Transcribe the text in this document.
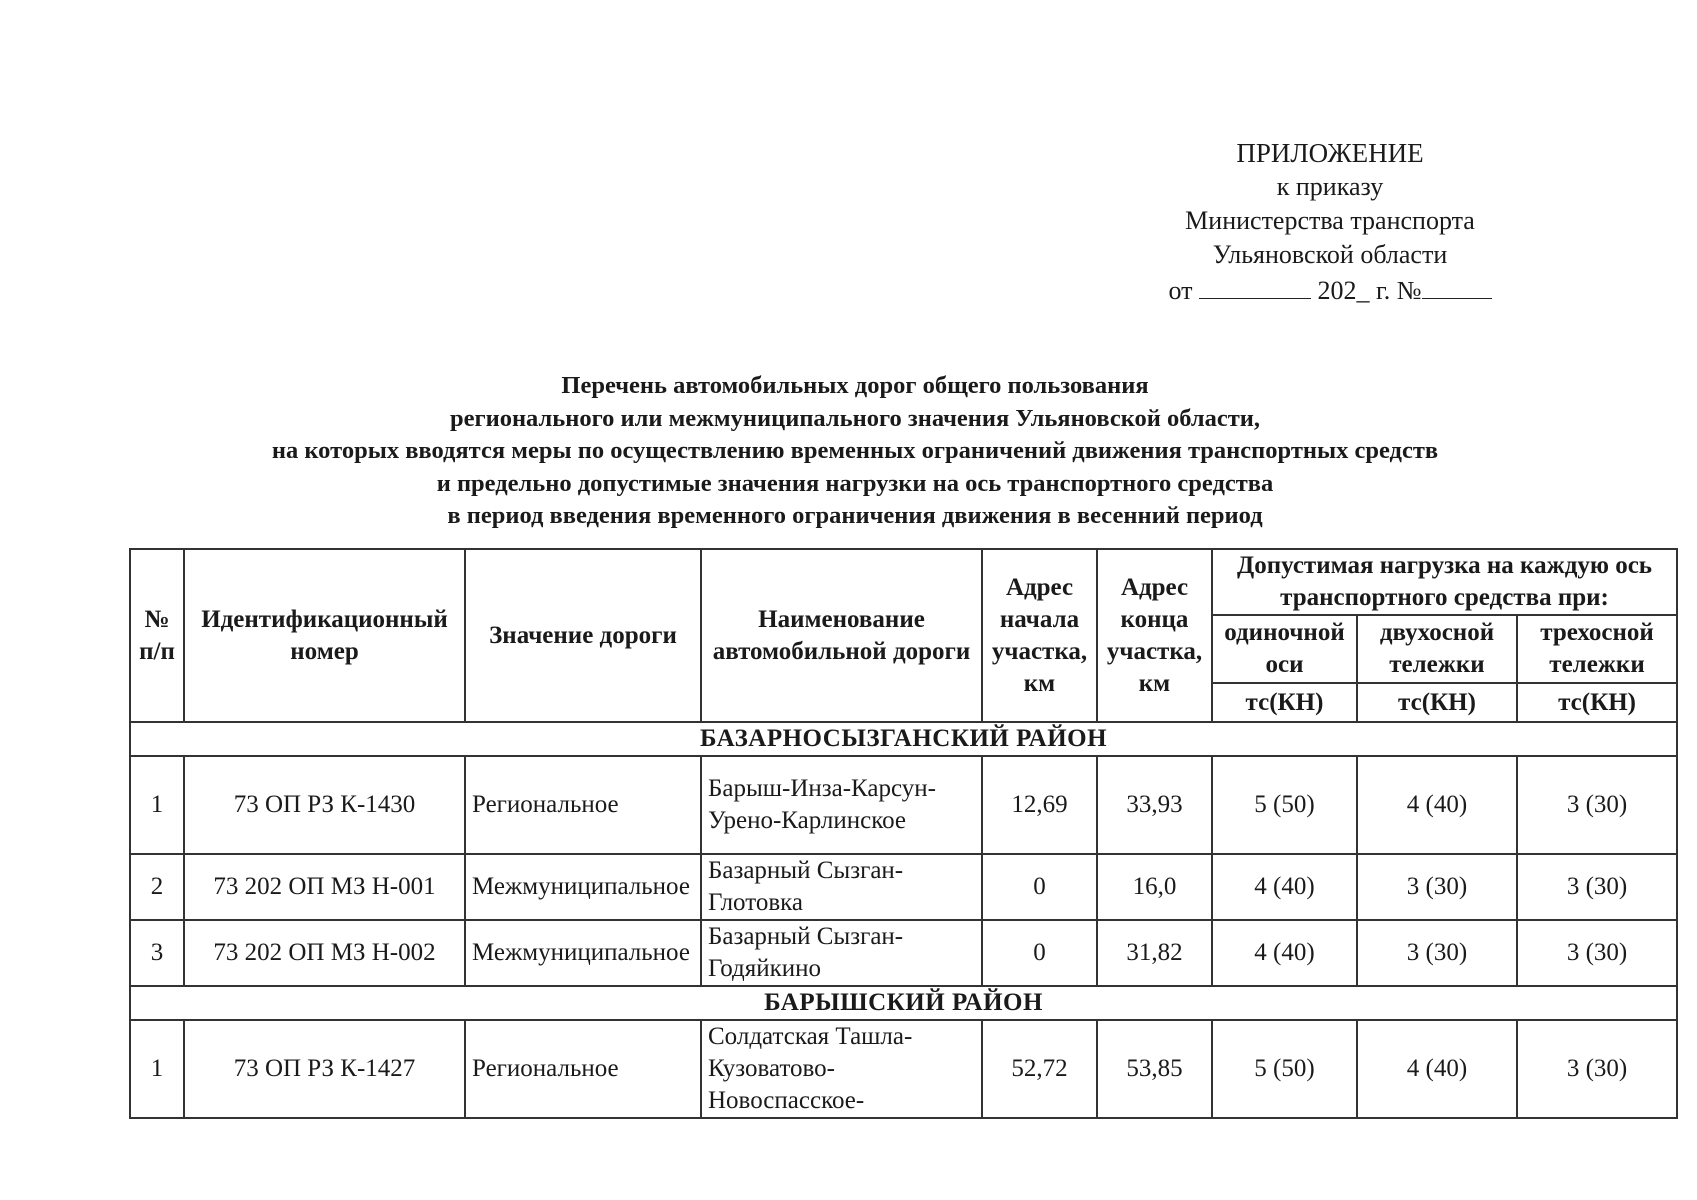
ПРИЛОЖЕНИЕ
к приказу
Министерства транспорта
Ульяновской области
от	202_ г. №
Перечень автомобильных дорог общего пользования
регионального или межмуниципального значения Ульяновской области,
на которых вводятся меры по осуществлению временных ограничений движения транспортных средств
и предельно допустимые значения нагрузки на ось транспортного средства
в период введения временного ограничения движения в весенний период
№ п/п	Идентификационный номер	Значение дороги	Наименование автомобильной дороги	Адрес начала участка, км	Адрес конца участка, км	Допустимая нагрузка на каждую ось транспортного средства при:		
						одиночной оси	двухосной тележки	трехосной тележки
						тс(КН)	тс(КН)	тс(КН)
БАЗАРНОСЫЗГАНСКИЙ РАЙОН								
1	73 ОП РЗ К-1430	Региональное	Барыш-Инза-Карсун-Урено-Карлинское	12,69	33,93	5 (50)	4 (40)	3 (30)
2	73 202 ОП МЗ Н-001	Межмуниципальное	Базарный Сызган-Глотовка	0	16,0	4 (40)	3 (30)	3 (30)
3	73 202 ОП МЗ Н-002	Межмуниципальное	Базарный Сызган-Годяйкино	0	31,82	4 (40)	3 (30)	3 (30)
БАРЫШСКИЙ РАЙОН								
1	73 ОП РЗ К-1427	Региональное	Солдатская Ташла-Кузоватово-Новоспасское-	52,72	53,85	5 (50)	4 (40)	3 (30)
